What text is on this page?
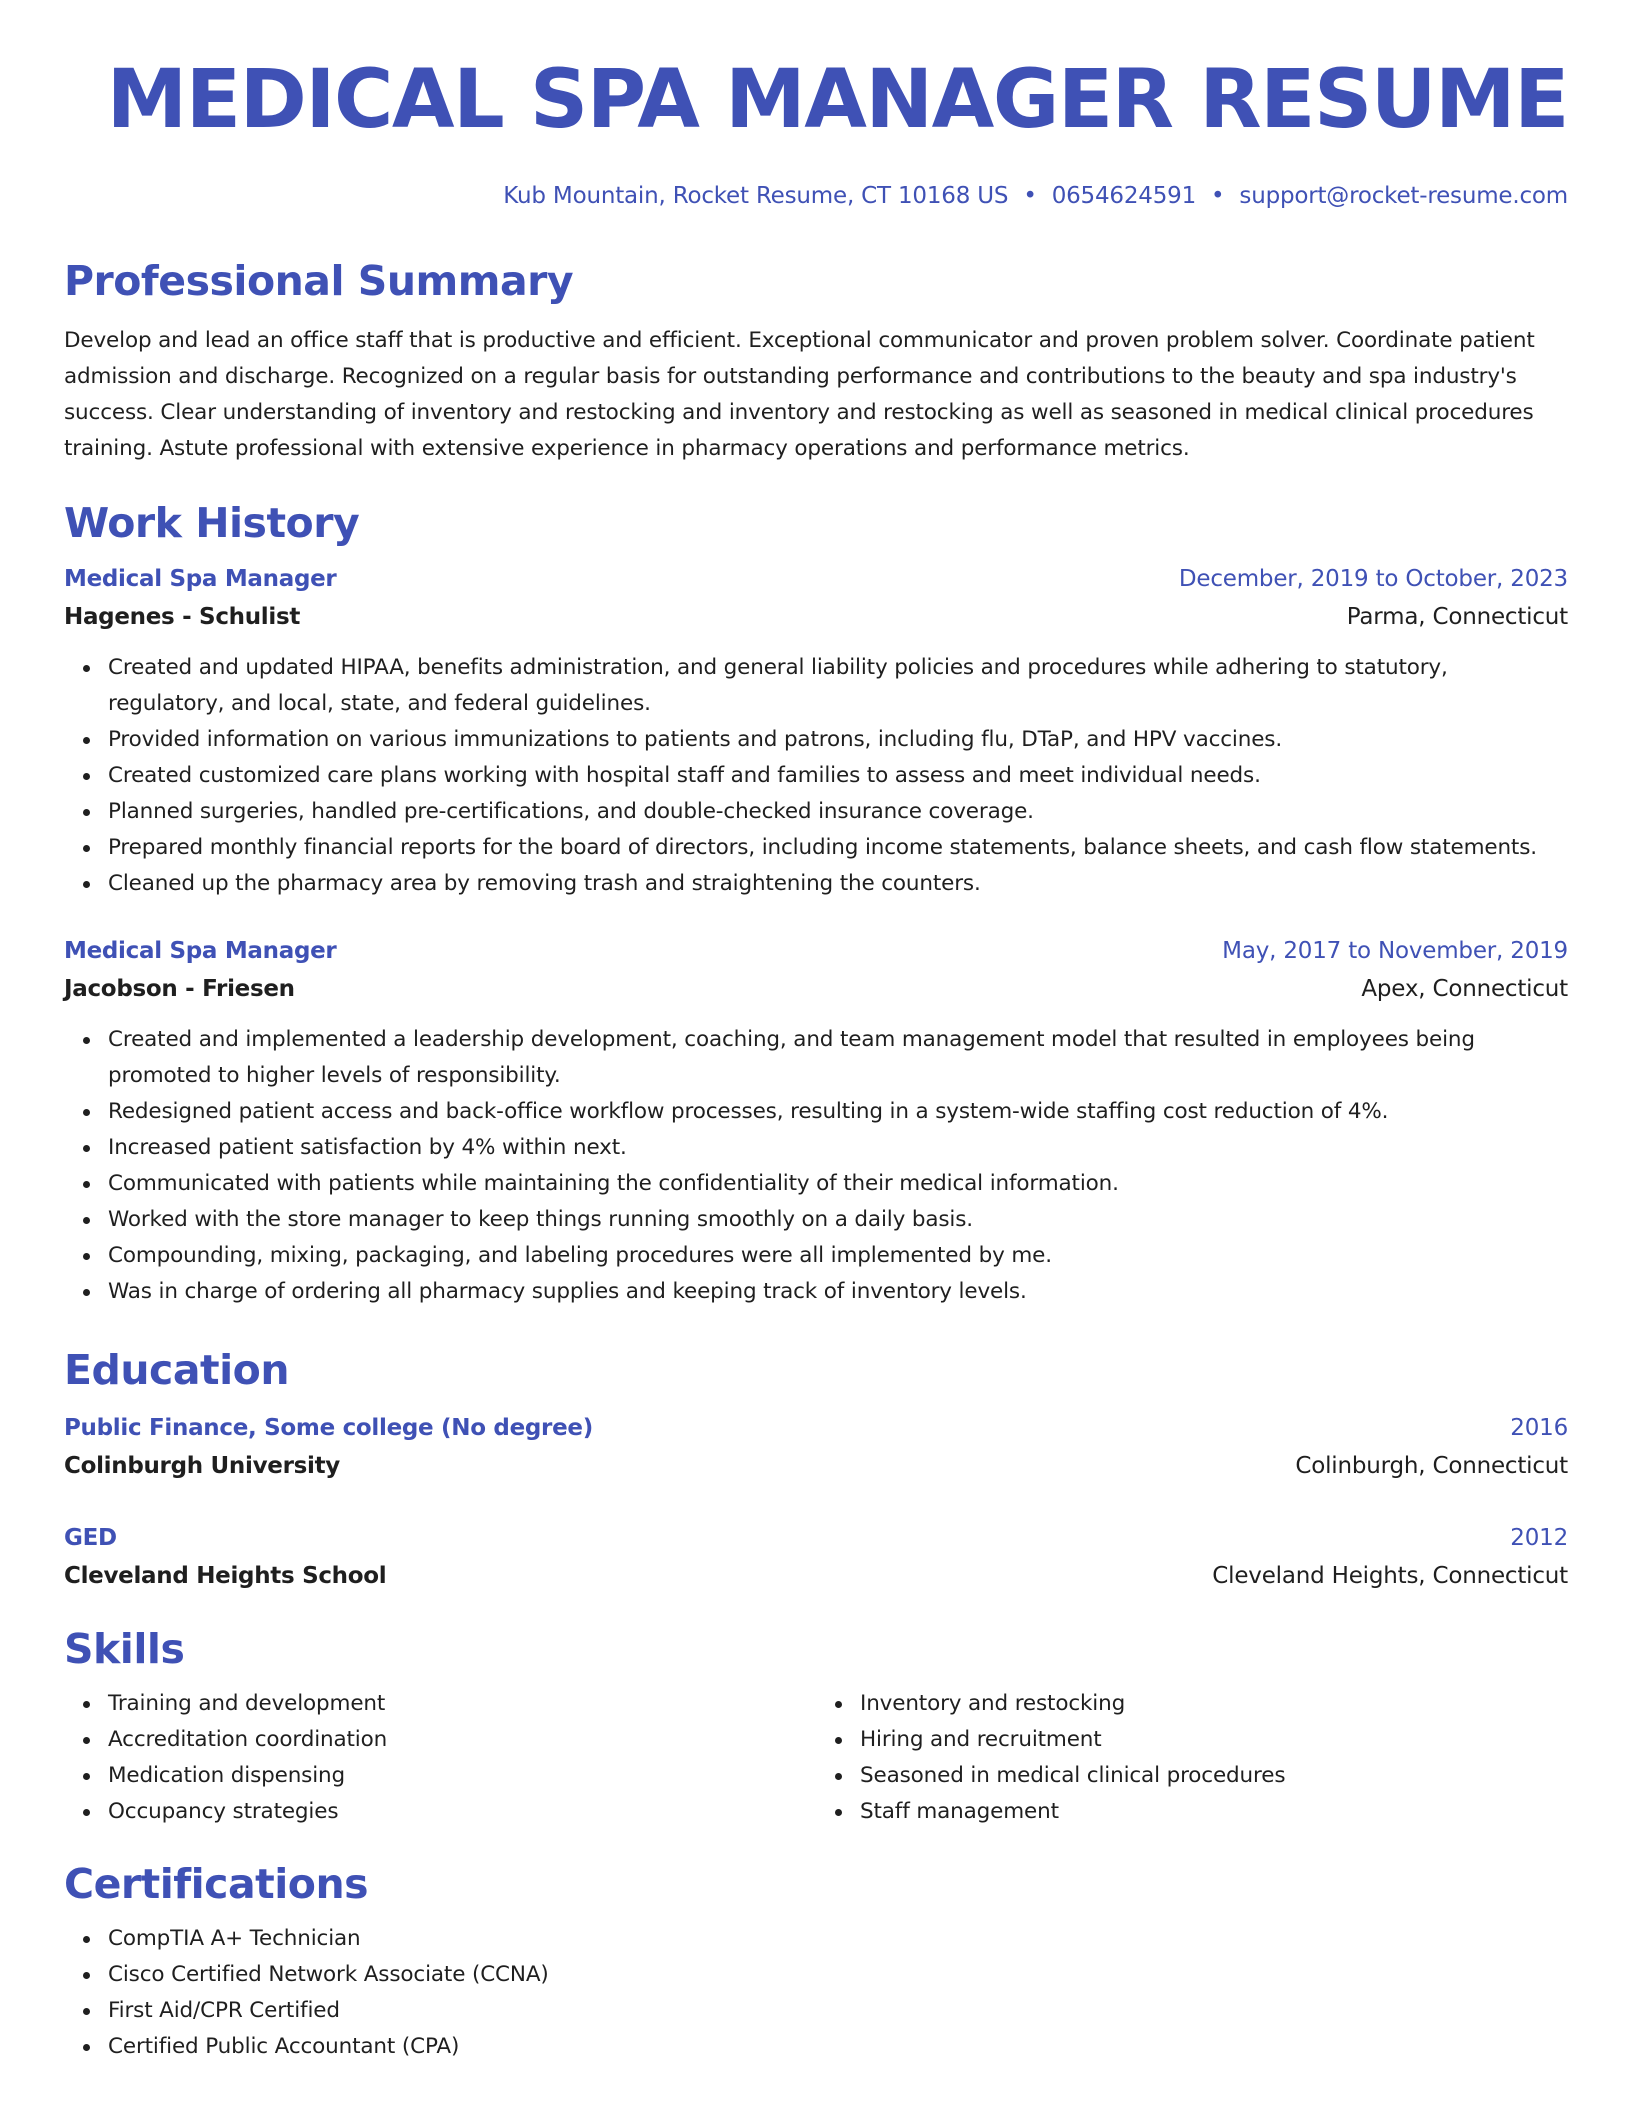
MEDICAL SPA MANAGER RESUME
Kub Mountain, Rocket Resume, CT 10168 US • 0654624591 • support@rocket-resume.com
Professional Summary

Develop and lead an office staff that is productive and efficient. Exceptional communicator and proven problem solver. Coordinate patient admission and discharge. Recognized on a regular basis for outstanding performance and contributions to the beauty and spa industry's success. Clear understanding of inventory and restocking and inventory and restocking as well as seasoned in medical clinical procedures training. Astute professional with extensive experience in pharmacy operations and performance metrics.

Work History
Medical Spa Manager	December, 2019 to October, 2023
Hagenes - Schulist	Parma, Connecticut
Created and updated HIPAA, benefits administration, and general liability policies and procedures while adhering to statutory, regulatory, and local, state, and federal guidelines.
Provided information on various immunizations to patients and patrons, including flu, DTaP, and HPV vaccines.
Created customized care plans working with hospital staff and families to assess and meet individual needs.
Planned surgeries, handled pre-certifications, and double-checked insurance coverage.
Prepared monthly financial reports for the board of directors, including income statements, balance sheets, and cash flow statements.
Cleaned up the pharmacy area by removing trash and straightening the counters.
Medical Spa Manager	May, 2017 to November, 2019
Jacobson - Friesen	Apex, Connecticut
Created and implemented a leadership development, coaching, and team management model that resulted in employees being promoted to higher levels of responsibility.
Redesigned patient access and back-office workflow processes, resulting in a system-wide staffing cost reduction of 4%.
Increased patient satisfaction by 4% within next.
Communicated with patients while maintaining the confidentiality of their medical information.
Worked with the store manager to keep things running smoothly on a daily basis.
Compounding, mixing, packaging, and labeling procedures were all implemented by me.
Was in charge of ordering all pharmacy supplies and keeping track of inventory levels.
Education
Public Finance, Some college (No degree)	2016
Colinburgh University	Colinburgh, Connecticut
GED	2012
Cleveland Heights School	Cleveland Heights, Connecticut
Skills
Training and development
Accreditation coordination
Medication dispensing
Occupancy strategies
Inventory and restocking
Hiring and recruitment
Seasoned in medical clinical procedures
Staff management
Certifications
CompTIA A+ Technician
Cisco Certified Network Associate (CCNA)
First Aid/CPR Certified
Certified Public Accountant (CPA)
